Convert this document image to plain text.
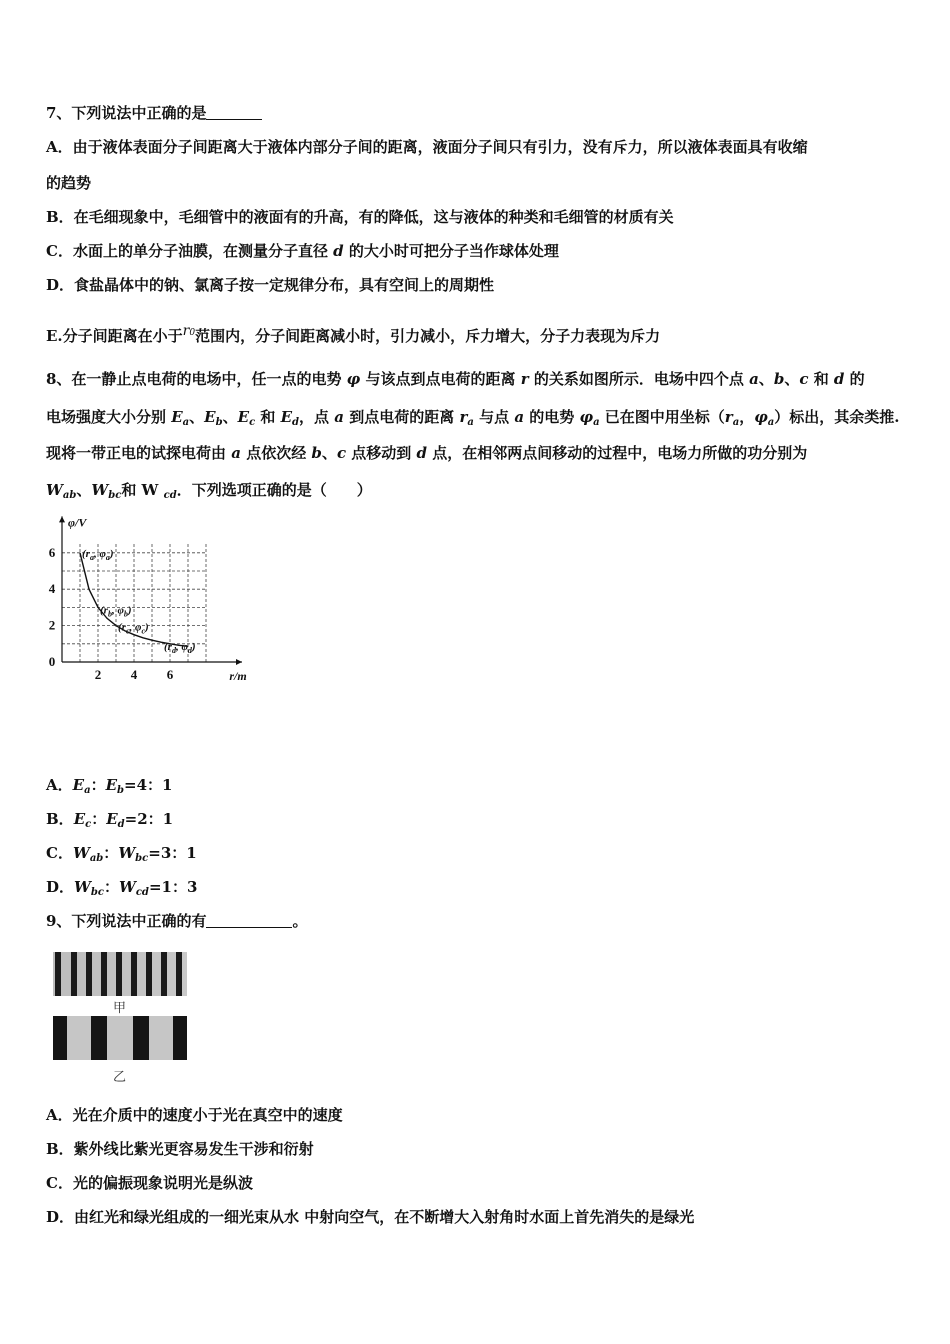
7、下列说法中正确的是
A．由于液体表面分子间距离大于液体内部分子间的距离，液面分子间只有引力，没有斥力，所以液体表面具有收缩
的趋势
B．在毛细现象中，毛细管中的液面有的升高，有的降低，这与液体的种类和毛细管的材质有关
C．水面上的单分子油膜，在测量分子直径 d 的大小时可把分子当作球体处理
D．食盐晶体中的钠、氯离子按一定规律分布，具有空间上的周期性
E.分子间距离在小于r0范围内，分子间距离减小时，引力减小，斥力增大，分子力表现为斥力
8、在一静止点电荷的电场中，任一点的电势 φ 与该点到点电荷的距离 r 的关系如图所示．电场中四个点 a、b、c 和 d 的
电场强度大小分别 $E_a$、$E_b$、$E_c$ 和 $E_d$，点 a 到点电荷的距离 $r_a$ 与点 a 的电势 $\varphi_a$ 已在图中用坐标（$r_a$，$\varphi_a$）标出，其余类推.
现将一带正电的试探电荷由 a 点依次经 b、c 点移动到 d 点，在相邻两点间移动的过程中，电场力所做的功分别为
$W_{ab}$、$W_{bc}$和 W $_{cd}$．下列选项正确的是（　　）
2 4 6
0
2
4
6
φ/V
r/m
($r_a$, $\varphi_a$)
($r_b$, $\varphi_b$)
($r_c$, $\varphi_c$)
($r_d$, $\varphi_d$)
A．$E_a$：$E_b=4$：1
B．$E_c$：$E_d=2$：1
C．$W_{ab}$：$W_{bc}=3$：1
D．$W_{bc}$：$W_{cd}=1$：3
9、下列说法中正确的有	。
甲
乙
A．光在介质中的速度小于光在真空中的速度
B．紫外线比紫光更容易发生干涉和衍射
C．光的偏振现象说明光是纵波
D．由红光和绿光组成的一细光束从水 中射向空气，在不断增大入射角时水面上首先消失的是绿光
